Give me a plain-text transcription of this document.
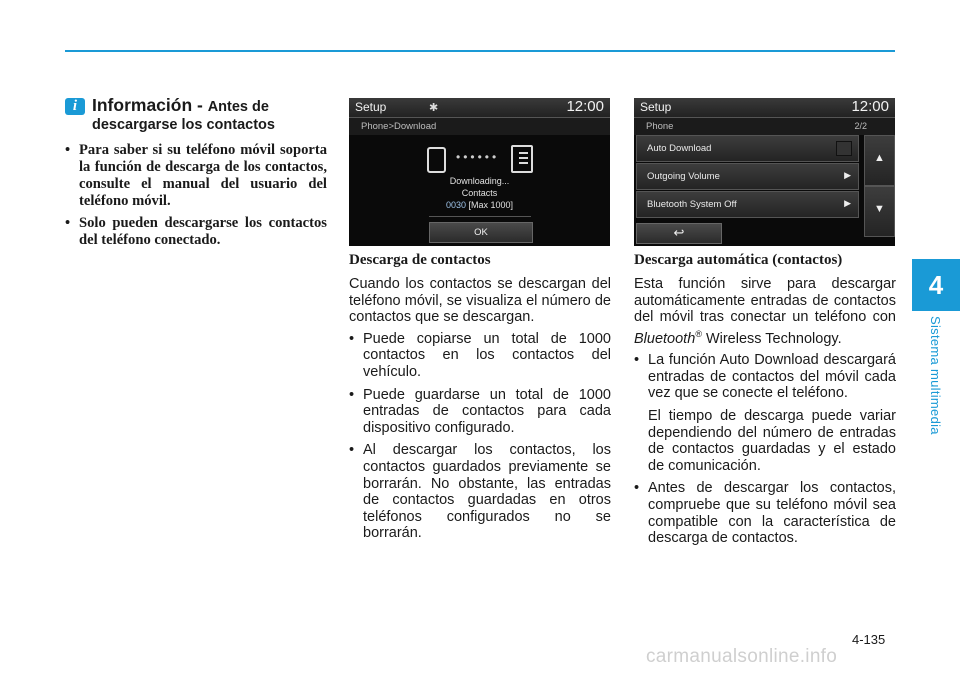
4
Sistema multimedia
i Información - Antes de descargarse los contactos
• Para saber si su teléfono móvil soporta la función de descarga de los contactos, consulte el manual del usuario del teléfono móvil.
• Solo pueden descargarse los contactos del teléfono conectado.
Setup	✱	12:00
Phone>Download
••••••
Downloading...
Contacts
0030 [Max 1000]
OK
Setup	12:00
Phone	2/2
Auto Download
Outgoing Volume	▶
Bluetooth System Off	▶
▲
▼
↩
Descarga de contactos

Cuando los contactos se descargan del teléfono móvil, se visualiza el número de contactos que se descargan.

• Puede copiarse un total de 1000 contactos en los contactos del vehículo.
• Puede guardarse un total de 1000 entradas de contactos para cada dispositivo configurado.
• Al descargar los contactos, los contactos guardados previamente se borrarán. No obstante, las entradas de contactos guardadas en otros teléfonos configurados no se borrarán.
Descarga automática (contactos)

Esta función sirve para descargar automáticamente entradas de contactos del móvil tras conectar un teléfono con Bluetooth® Wireless Technology.

• La función Auto Download descargará entradas de contactos del móvil cada vez que se conecte el teléfono.

El tiempo de descarga puede variar dependiendo del número de entradas de contactos guardadas y el estado de comunicación.

• Antes de descargar los contactos, compruebe que su teléfono móvil sea compatible con la característica de descarga de contactos.
4-135
carmanualsonline.info
